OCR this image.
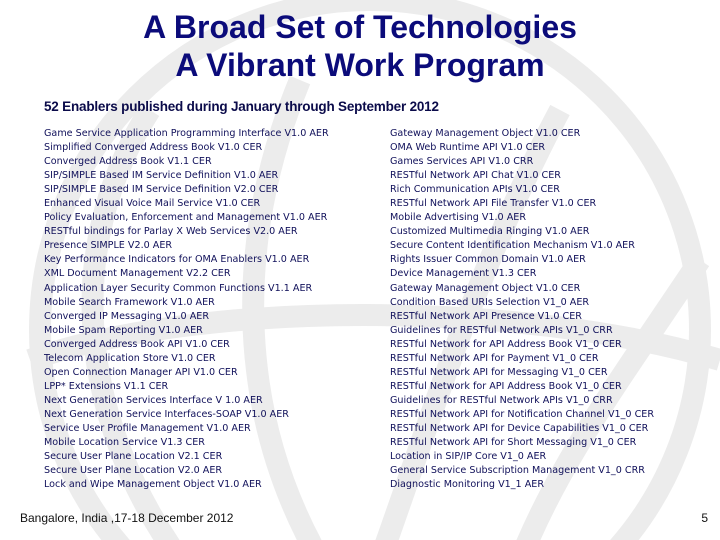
A Broad Set of Technologies
A Vibrant Work Program
52 Enablers published during January through September 2012
Game Service Application Programming Interface V1.0 AER
Simplified Converged Address Book V1.0 CER
Converged Address Book V1.1 CER
SIP/SIMPLE Based IM Service Definition V1.0 AER
SIP/SIMPLE Based IM Service Definition V2.0 CER
Enhanced Visual Voice Mail Service V1.0 CER
Policy Evaluation, Enforcement and Management V1.0 AER
RESTful bindings for Parlay X Web Services V2.0 AER
Presence SIMPLE V2.0 AER
Key Performance Indicators for OMA Enablers V1.0 AER
XML Document Management V2.2 CER
Application Layer Security Common Functions V1.1 AER
Mobile Search Framework V1.0 AER
Converged IP Messaging V1.0 AER
Mobile Spam Reporting V1.0 AER
Converged Address Book API V1.0 CER
Telecom Application Store V1.0 CER
Open Connection Manager API V1.0 CER
LPP* Extensions V1.1 CER
Next Generation Services Interface V 1.0 AER
Next Generation Service Interfaces-SOAP V1.0 AER
Service User Profile Management V1.0 AER
Mobile Location Service V1.3 CER
Secure User Plane Location V2.1 CER
Secure User Plane Location V2.0 AER
Lock and Wipe Management Object V1.0 AER
Gateway Management Object V1.0 CER
OMA Web Runtime API V1.0 CER
Games Services API V1.0 CRR
RESTful Network API Chat V1.0 CER
Rich Communication APIs V1.0 CER
RESTful Network API File Transfer V1.0 CER
Mobile Advertising V1.0 AER
Customized Multimedia Ringing V1.0 AER
Secure Content Identification Mechanism V1.0 AER
Rights Issuer Common Domain V1.0 AER
Device Management V1.3 CER
Gateway Management Object V1.0 CER
Condition Based URIs Selection V1_0 AER
RESTful Network API Presence V1.0 CER
Guidelines for RESTful Network APIs V1_0 CRR
RESTful Network for API Address Book V1_0 CER
RESTful Network API for Payment V1_0 CER
RESTful Network API for Messaging V1_0 CER
RESTful Network for API Address Book V1_0 CER
Guidelines for RESTful Network APIs V1_0 CRR
RESTful Network API for Notification Channel V1_0 CER
RESTful Network API for Device Capabilities V1_0 CER
RESTful Network API for Short Messaging V1_0 CER
Location in SIP/IP Core V1_0 AER
General Service Subscription Management V1_0 CRR
Diagnostic Monitoring V1_1 AER
Bangalore, India ,17-18 December 2012	5
